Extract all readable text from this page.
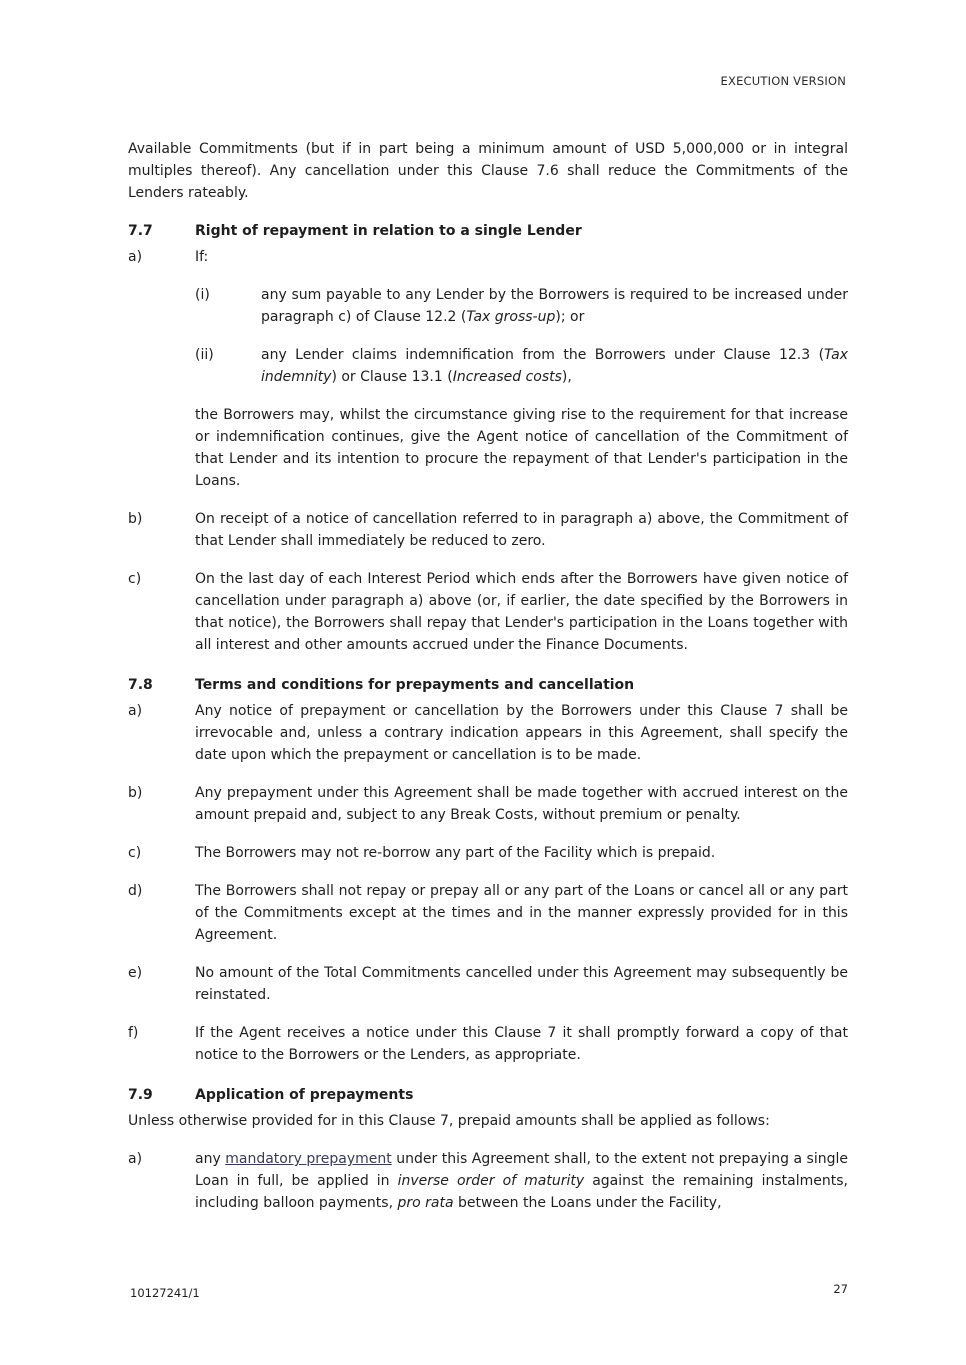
EXECUTION VERSION

Available Commitments (but if in part being a minimum amount of USD 5,000,000 or in integral multiples thereof). Any cancellation under this Clause 7.6 shall reduce the Commitments of the Lenders rateably.

7.7	Right of repayment in relation to a single Lender
a)	If:
(i)	any sum payable to any Lender by the Borrowers is required to be increased under paragraph c) of Clause 12.2 (Tax gross-up); or
(ii)	any Lender claims indemnification from the Borrowers under Clause 12.3 (Tax indemnity) or Clause 13.1 (Increased costs),

the Borrowers may, whilst the circumstance giving rise to the requirement for that increase or indemnification continues, give the Agent notice of cancellation of the Commitment of that Lender and its intention to procure the repayment of that Lender's participation in the Loans.

b)	On receipt of a notice of cancellation referred to in paragraph a) above, the Commitment of that Lender shall immediately be reduced to zero.
c)	On the last day of each Interest Period which ends after the Borrowers have given notice of cancellation under paragraph a) above (or, if earlier, the date specified by the Borrowers in that notice), the Borrowers shall repay that Lender's participation in the Loans together with all interest and other amounts accrued under the Finance Documents.
7.8	Terms and conditions for prepayments and cancellation
a)	Any notice of prepayment or cancellation by the Borrowers under this Clause 7 shall be irrevocable and, unless a contrary indication appears in this Agreement, shall specify the date upon which the prepayment or cancellation is to be made.
b)	Any prepayment under this Agreement shall be made together with accrued interest on the amount prepaid and, subject to any Break Costs, without premium or penalty.
c)	The Borrowers may not re-borrow any part of the Facility which is prepaid.
d)	The Borrowers shall not repay or prepay all or any part of the Loans or cancel all or any part of the Commitments except at the times and in the manner expressly provided for in this Agreement.
e)	No amount of the Total Commitments cancelled under this Agreement may subsequently be reinstated.
f)	If the Agent receives a notice under this Clause 7 it shall promptly forward a copy of that notice to the Borrowers or the Lenders, as appropriate.
7.9	Application of prepayments

Unless otherwise provided for in this Clause 7, prepaid amounts shall be applied as follows:

a)	any mandatory prepayment under this Agreement shall, to the extent not prepaying a single Loan in full, be applied in inverse order of maturity against the remaining instalments, including balloon payments, pro rata between the Loans under the Facility,
10127241/1	27
